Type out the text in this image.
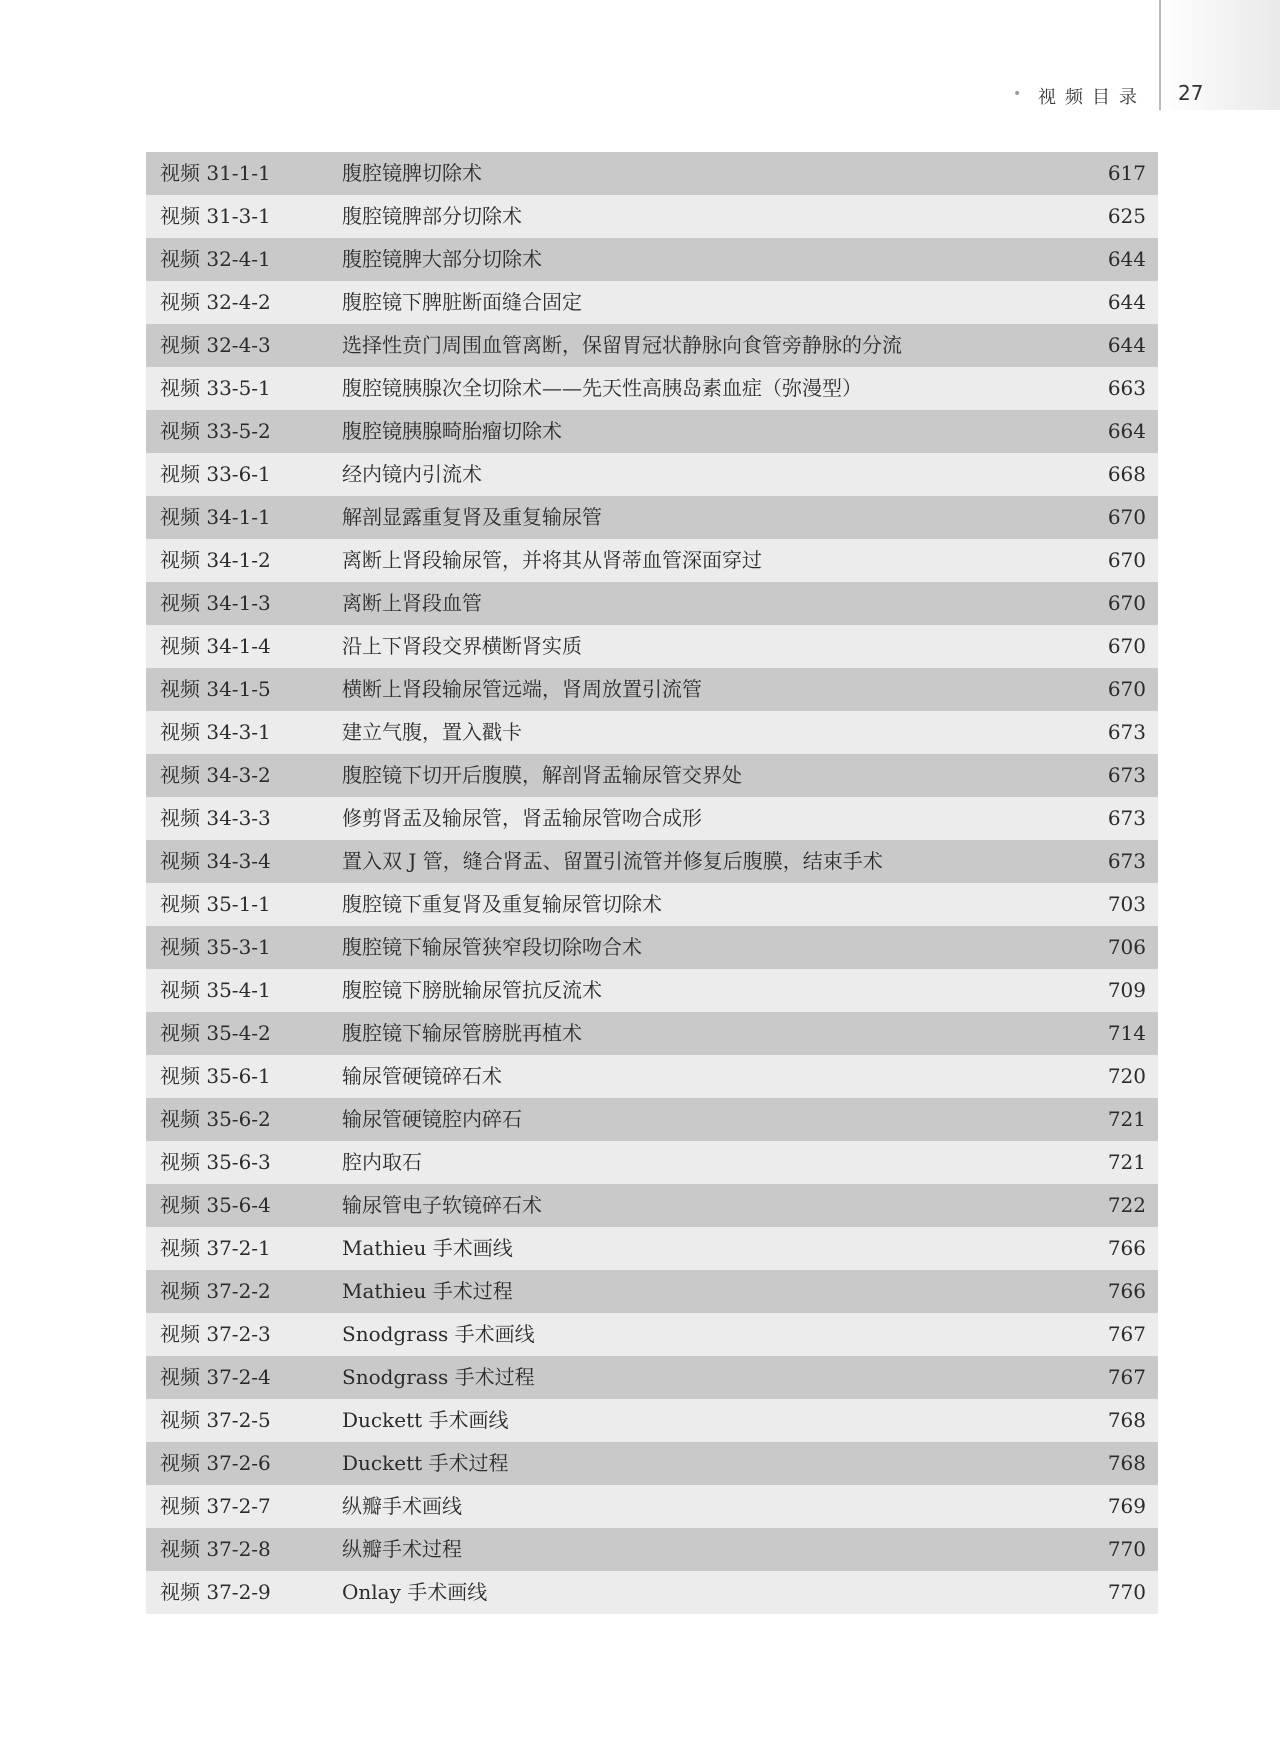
• 视频目录 27
视频 31-1-1	腹腔镜脾切除术	617
视频 31-3-1	腹腔镜脾部分切除术	625
视频 32-4-1	腹腔镜脾大部分切除术	644
视频 32-4-2	腹腔镜下脾脏断面缝合固定	644
视频 32-4-3	选择性贲门周围血管离断，保留胃冠状静脉向食管旁静脉的分流	644
视频 33-5-1	腹腔镜胰腺次全切除术——先天性高胰岛素血症（弥漫型）	663
视频 33-5-2	腹腔镜胰腺畸胎瘤切除术	664
视频 33-6-1	经内镜内引流术	668
视频 34-1-1	解剖显露重复肾及重复输尿管	670
视频 34-1-2	离断上肾段输尿管，并将其从肾蒂血管深面穿过	670
视频 34-1-3	离断上肾段血管	670
视频 34-1-4	沿上下肾段交界横断肾实质	670
视频 34-1-5	横断上肾段输尿管远端，肾周放置引流管	670
视频 34-3-1	建立气腹，置入戳卡	673
视频 34-3-2	腹腔镜下切开后腹膜，解剖肾盂输尿管交界处	673
视频 34-3-3	修剪肾盂及输尿管，肾盂输尿管吻合成形	673
视频 34-3-4	置入双 J 管，缝合肾盂、留置引流管并修复后腹膜，结束手术	673
视频 35-1-1	腹腔镜下重复肾及重复输尿管切除术	703
视频 35-3-1	腹腔镜下输尿管狭窄段切除吻合术	706
视频 35-4-1	腹腔镜下膀胱输尿管抗反流术	709
视频 35-4-2	腹腔镜下输尿管膀胱再植术	714
视频 35-6-1	输尿管硬镜碎石术	720
视频 35-6-2	输尿管硬镜腔内碎石	721
视频 35-6-3	腔内取石	721
视频 35-6-4	输尿管电子软镜碎石术	722
视频 37-2-1	Mathieu 手术画线	766
视频 37-2-2	Mathieu 手术过程	766
视频 37-2-3	Snodgrass 手术画线	767
视频 37-2-4	Snodgrass 手术过程	767
视频 37-2-5	Duckett 手术画线	768
视频 37-2-6	Duckett 手术过程	768
视频 37-2-7	纵瓣手术画线	769
视频 37-2-8	纵瓣手术过程	770
视频 37-2-9	Onlay 手术画线	770
